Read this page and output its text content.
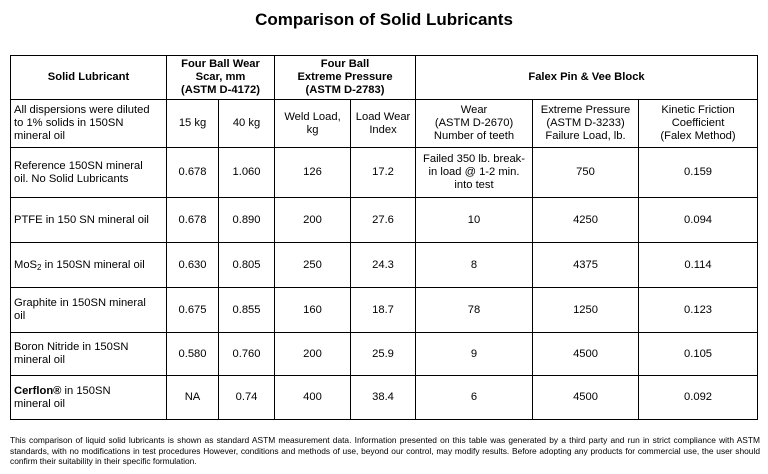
Comparison of Solid Lubricants
Solid Lubricant	Four Ball Wear
Scar, mm
(ASTM D-4172)		Four Ball
Extreme Pressure
(ASTM D-2783)		Falex Pin & Vee Block		
All dispersions were diluted
to 1% solids in 150SN
mineral oil	15 kg	40 kg	Weld Load,
kg	Load Wear
Index	Wear
(ASTM D-2670)
Number of teeth	Extreme Pressure
(ASTM D-3233)
Failure Load, lb.	Kinetic Friction
Coefficient
(Falex Method)
Reference 150SN mineral
oil. No Solid Lubricants	0.678	1.060	126	17.2	Failed 350 lb. break-
in load @ 1-2 min.
into test	750	0.159
PTFE in 150 SN mineral oil	0.678	0.890	200	27.6	10	4250	0.094
MoS$_2$ in 150SN mineral oil	0.630	0.805	250	24.3	8	4375	0.114
Graphite in 150SN mineral
oil	0.675	0.855	160	18.7	78	1250	0.123
Boron Nitride in 150SN
mineral oil	0.580	0.760	200	25.9	9	4500	0.105
Cerflon® in 150SN
mineral oil	NA	0.74	400	38.4	6	4500	0.092
This comparison of liquid solid lubricants is shown as standard ASTM measurement data. Information presented on this table was generated by a third party and run in strict compliance with ASTM standards, with no modifications in test procedures However, conditions and methods of use, beyond our control, may modify results. Before adopting any products for commercial use, the user should confirm their suitability in their specific formulation.
